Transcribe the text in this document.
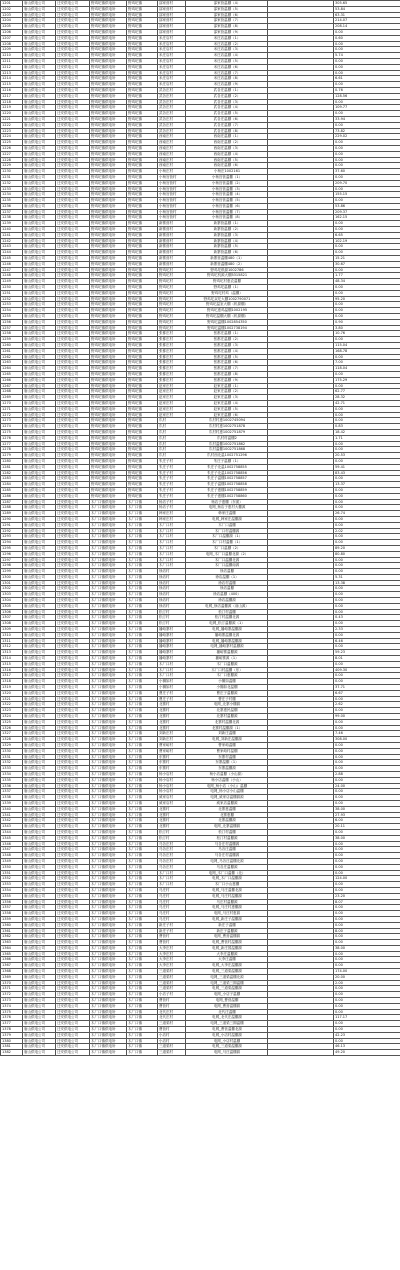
1201	唐山供电公司	迁安供电公司	野鸡坨镇供电所	野鸡坨镇	邵家营村	邵家营温棚（4）	305.65
1202	唐山供电公司	迁安供电公司	野鸡坨镇供电所	野鸡坨镇	邵家营村	邵家营温棚（5）	53.84
1203	唐山供电公司	迁安供电公司	野鸡坨镇供电所	野鸡坨镇	邵家营村	邵家营温棚（6）	63.31
1204	唐山供电公司	迁安供电公司	野鸡坨镇供电所	野鸡坨镇	邵家营村	邵家营温棚（7）	214.07
1205	唐山供电公司	迁安供电公司	野鸡坨镇供电所	野鸡坨镇	邵家营村	邵家营温棚（8）	208.14
1206	唐山供电公司	迁安供电公司	野鸡坨镇供电所	野鸡坨镇	邵家营村	邵家营温棚（9）	0.00
1207	唐山供电公司	迁安供电公司	野鸡坨镇供电所	野鸡坨镇	米庄店村	米庄店温棚（1）	0.60
1208	唐山供电公司	迁安供电公司	野鸡坨镇供电所	野鸡坨镇	米庄店村	米庄店温棚（2）	0.00
1209	唐山供电公司	迁安供电公司	野鸡坨镇供电所	野鸡坨镇	米庄店村	米庄店温棚（3）	0.00
1210	唐山供电公司	迁安供电公司	野鸡坨镇供电所	野鸡坨镇	米庄店村	米庄店温棚（4）	5.74
1211	唐山供电公司	迁安供电公司	野鸡坨镇供电所	野鸡坨镇	米庄店村	米庄店温棚（5）	0.00
1212	唐山供电公司	迁安供电公司	野鸡坨镇供电所	野鸡坨镇	米庄店村	米庄店温棚（6）	0.00
1213	唐山供电公司	迁安供电公司	野鸡坨镇供电所	野鸡坨镇	米庄店村	米庄店温棚（7）	0.00
1214	唐山供电公司	迁安供电公司	野鸡坨镇供电所	野鸡坨镇	米庄店村	米庄店温棚（8）	6.61
1215	唐山供电公司	迁安供电公司	野鸡坨镇供电所	野鸡坨镇	米庄店村	米庄店温棚（9）	0.00
1216	唐山供电公司	迁安供电公司	野鸡坨镇供电所	野鸡坨镇	武各庄村	武各庄温棚（1）	0.76
1217	唐山供电公司	迁安供电公司	野鸡坨镇供电所	野鸡坨镇	武各庄村	武各庄温棚（2）	128.56
1218	唐山供电公司	迁安供电公司	野鸡坨镇供电所	野鸡坨镇	武各庄村	武各庄温棚（3）	0.00
1219	唐山供电公司	迁安供电公司	野鸡坨镇供电所	野鸡坨镇	武各庄村	武各庄温棚（4）	109.77
1220	唐山供电公司	迁安供电公司	野鸡坨镇供电所	野鸡坨镇	武各庄村	武各庄温棚（5）	0.00
1221	唐山供电公司	迁安供电公司	野鸡坨镇供电所	野鸡坨镇	武各庄村	武各庄温棚（6）	33.94
1222	唐山供电公司	迁安供电公司	野鸡坨镇供电所	野鸡坨镇	武各庄村	武各庄温棚（7）	0.00
1223	唐山供电公司	迁安供电公司	野鸡坨镇供电所	野鸡坨镇	武各庄村	武各庄温棚（8）	73.82
1224	唐山供电公司	迁安供电公司	野鸡坨镇供电所	野鸡坨镇	西南庄村	西南庄温棚（1）	229.02
1225	唐山供电公司	迁安供电公司	野鸡坨镇供电所	野鸡坨镇	西南庄村	西南庄温棚（2）	0.00
1226	唐山供电公司	迁安供电公司	野鸡坨镇供电所	野鸡坨镇	西南庄村	西南庄温棚（3）	0.00
1227	唐山供电公司	迁安供电公司	野鸡坨镇供电所	野鸡坨镇	西南庄村	西南庄温棚（4）	0.00
1228	唐山供电公司	迁安供电公司	野鸡坨镇供电所	野鸡坨镇	西南庄村	西南庄温棚（5）	0.00
1229	唐山供电公司	迁安供电公司	野鸡坨镇供电所	野鸡坨镇	西南庄村	西南庄温棚（6）	0.00
1230	唐山供电公司	迁安供电公司	野鸡坨镇供电所	野鸡坨镇	小杨庄村	小杨庄1002161	37.60
1231	唐山供电公司	迁安供电公司	野鸡坨镇供电所	野鸡坨镇	小杨官营村	小杨官营温棚（1）	0.00
1232	唐山供电公司	迁安供电公司	野鸡坨镇供电所	野鸡坨镇	小杨官营村	小杨官营温棚（2）	209.70
1233	唐山供电公司	迁安供电公司	野鸡坨镇供电所	野鸡坨镇	小杨官营村	小杨官营温棚（3）	0.00
1234	唐山供电公司	迁安供电公司	野鸡坨镇供电所	野鸡坨镇	小杨官营村	小杨官营温棚（4）	155.15
1235	唐山供电公司	迁安供电公司	野鸡坨镇供电所	野鸡坨镇	小杨官营村	小杨官营温棚（5）	0.00
1236	唐山供电公司	迁安供电公司	野鸡坨镇供电所	野鸡坨镇	小杨官营村	小杨官营温棚（6）	53.86
1237	唐山供电公司	迁安供电公司	野鸡坨镇供电所	野鸡坨镇	小杨官营村	小杨官营温棚（7）	209.37
1238	唐山供电公司	迁安供电公司	野鸡坨镇供电所	野鸡坨镇	小杨官营村	小杨官营温棚（8）	162.15
1239	唐山供电公司	迁安供电公司	野鸡坨镇供电所	野鸡坨镇	新寨营村	新寨营温棚（1）	0.00
1240	唐山供电公司	迁安供电公司	野鸡坨镇供电所	野鸡坨镇	新寨营村	新寨营温棚（2）	0.00
1241	唐山供电公司	迁安供电公司	野鸡坨镇供电所	野鸡坨镇	新寨营村	新寨营温棚（3）	6.65
1242	唐山供电公司	迁安供电公司	野鸡坨镇供电所	野鸡坨镇	新寨营村	新寨营温棚（4）	102.19
1243	唐山供电公司	迁安供电公司	野鸡坨镇供电所	野鸡坨镇	新寨营村	新寨营温棚（5）	0.00
1244	唐山供电公司	迁安供电公司	野鸡坨镇供电所	野鸡坨镇	新寨营村	新寨营温棚（6）	0.00
1245	唐山供电公司	迁安供电公司	野鸡坨镇供电所	野鸡坨镇	新寨营村	新寨营温棚480（1）	15.21
1246	唐山供电公司	迁安供电公司	野鸡坨镇供电所	野鸡坨镇	新寨营村	新寨营温棚480（2）	30.67
1247	唐山供电公司	迁安供电公司	野鸡坨镇供电所	野鸡坨镇	野鸡坨村	野鸡坨纸源1002786	0.00
1248	唐山供电公司	迁安供电公司	野鸡坨镇供电所	野鸡坨镇	野鸡坨村	野鸡坨机源大棚5315821	1.77
1249	唐山供电公司	迁安供电公司	野鸡坨镇供电所	野鸡坨镇	野鸡坨村	野鸡坨村惠农温棚	48.34
1250	唐山供电公司	迁安供电公司	野鸡坨镇供电所	野鸡坨镇	野鸡坨村	野鸡坨温棚（1）	0.00
1251	唐山供电公司	迁安供电公司	野鸡坨镇供电所	野鸡坨镇	野鸡坨村	野鸡坨村鸡（温棚）	0.00
1252	唐山供电公司	迁安供电公司	野鸡坨镇供电所	野鸡坨镇	野鸡坨村	野鸡坨双坨大棚1002790071	95.20
1253	唐山供电公司	迁安供电公司	野鸡坨镇供电所	野鸡坨镇	野鸡坨村	野鸡坨温室大棚（机源棚）	0.00
1254	唐山供电公司	迁安供电公司	野鸡坨镇供电所	野鸡坨镇	野鸡坨村	野鸡坨惠鸡温棚1002195	0.00
1255	唐山供电公司	迁安供电公司	野鸡坨镇供电所	野鸡坨镇	野鸡坨村	野鸡坨温棚大棚（机源棚）	0.00
1256	唐山供电公司	迁安供电公司	野鸡坨镇供电所	野鸡坨镇	野鸡坨村	野鸡坨温棚1002854350	0.90
1257	唐山供电公司	迁安供电公司	野鸡坨镇供电所	野鸡坨镇	野鸡坨村	野鸡坨温棚1002738194	3.80
1258	唐山供电公司	迁安供电公司	野鸡坨镇供电所	野鸡坨镇	张都庄村	张都庄温棚（1）	10.76
1259	唐山供电公司	迁安供电公司	野鸡坨镇供电所	野鸡坨镇	张都庄村	张都庄温棚（2）	0.00
1260	唐山供电公司	迁安供电公司	野鸡坨镇供电所	野鸡坨镇	张都庄村	张都庄温棚（3）	115.04
1261	唐山供电公司	迁安供电公司	野鸡坨镇供电所	野鸡坨镇	张都庄村	张都庄温棚（4）	168.78
1262	唐山供电公司	迁安供电公司	野鸡坨镇供电所	野鸡坨镇	张都庄村	张都庄温棚（5）	0.00
1263	唐山供电公司	迁安供电公司	野鸡坨镇供电所	野鸡坨镇	张都庄村	张都庄温棚（6）	7.00
1264	唐山供电公司	迁安供电公司	野鸡坨镇供电所	野鸡坨镇	张都庄村	张都庄温棚（7）	118.04
1265	唐山供电公司	迁安供电公司	野鸡坨镇供电所	野鸡坨镇	张都庄村	张都庄温棚（8）	0.00
1266	唐山供电公司	迁安供电公司	野鸡坨镇供电所	野鸡坨镇	张都庄村	张都庄温棚（9）	175.29
1267	唐山供电公司	迁安供电公司	野鸡坨镇供电所	野鸡坨镇	赵家庄村	赵家庄温棚（1）	0.00
1268	唐山供电公司	迁安供电公司	野鸡坨镇供电所	野鸡坨镇	赵家庄村	赵家庄温棚（2）	62.77
1269	唐山供电公司	迁安供电公司	野鸡坨镇供电所	野鸡坨镇	赵家庄村	赵家庄温棚（3）	28.32
1270	唐山供电公司	迁安供电公司	野鸡坨镇供电所	野鸡坨镇	赵家庄村	赵家庄温棚（4）	42.71
1271	唐山供电公司	迁安供电公司	野鸡坨镇供电所	野鸡坨镇	赵家庄村	赵家庄温棚（5）	0.00
1272	唐山供电公司	迁安供电公司	野鸡坨镇供电所	野鸡坨镇	赵家庄村	赵家庄温棚（6）	0.00
1273	唐山供电公司	迁安供电公司	野鸡坨镇供电所	野鸡坨镇	爪村	爪村村惠1002745094	0.00
1274	唐山供电公司	迁安供电公司	野鸡坨镇供电所	野鸡坨镇	爪村	爪村村惠1002751878	0.83
1275	唐山供电公司	迁安供电公司	野鸡坨镇供电所	野鸡坨镇	爪村	爪村村惠1002751879	18.42
1276	唐山供电公司	迁安供电公司	野鸡坨镇供电所	野鸡坨镇	爪村	爪村村温棚2	1.71
1277	唐山供电公司	迁安供电公司	野鸡坨镇供电所	野鸡坨镇	爪村	爪村温棚1002751862	0.00
1278	唐山供电公司	迁安供电公司	野鸡坨镇供电所	野鸡坨镇	爪村	爪村温棚1002751868	0.00
1279	唐山供电公司	迁安供电公司	野鸡坨镇供电所	野鸡坨镇	爪村	爪村西北温1002751296	20.53
1280	唐山供电公司	迁安供电公司	野鸡坨镇供电所	野鸡坨镇	朱庄子村	朱庄子温棚（1）	0.00
1281	唐山供电公司	迁安供电公司	野鸡坨镇供电所	野鸡坨镇	朱庄子村	朱庄子北温1002758855	59.41
1282	唐山供电公司	迁安供电公司	野鸡坨镇供电所	野鸡坨镇	朱庄子村	朱庄子北温1002758856	83.43
1283	唐山供电公司	迁安供电公司	野鸡坨镇供电所	野鸡坨镇	朱庄子村	朱庄子温棚1002758857	0.00
1284	唐山供电公司	迁安供电公司	野鸡坨镇供电所	野鸡坨镇	朱庄子村	朱庄子温棚1002758858	13.37
1285	唐山供电公司	迁安供电公司	野鸡坨镇供电所	野鸡坨镇	朱庄子村	朱庄子惠棚1002758859	0.00
1286	唐山供电公司	迁安供电公司	野鸡坨镇供电所	野鸡坨镇	朱庄子村	朱庄子惠棚1002758860	0.00
1287	唐山供电公司	迁安供电公司	木厂口镇供电所	木厂口镇	杨店子村	杨店子惠棚（东面）	0.00
1288	唐山供电公司	迁安供电公司	木厂口镇供电所	木厂口镇	杨店子村	电网_杨店子惠村大棚源	0.00
1289	唐山供电公司	迁安供电公司	木厂口镇供电所	木厂口镇	韩家庄村	韩家庄温棚	26.74
1290	唐山供电公司	迁安供电公司	木厂口镇供电所	木厂口镇	韩家庄村	电网_韩家庄温棚源	0.00
1291	唐山供电公司	迁安供电公司	木厂口镇供电所	木厂口镇	木厂口村	木厂口温棚	0.00
1292	唐山供电公司	迁安供电公司	木厂口镇供电所	木厂口镇	木厂口村	木厂口村温棚源	2.02
1293	唐山供电公司	迁安供电公司	木厂口镇供电所	木厂口镇	木厂口村	木厂口温棚源（1）	0.00
1294	唐山供电公司	迁安供电公司	木厂口镇供电所	木厂口镇	木厂口村	木厂口村温棚（1）	0.00
1295	唐山供电公司	迁安供电公司	木厂口镇供电所	木厂口镇	木厂口村	木厂口温棚（2）	89.20
1296	唐山供电公司	迁安供电公司	木厂口镇供电所	木厂口镇	木厂口村	电网_木厂口温棚北源（2）	80.80
1297	唐山供电公司	迁安供电公司	木厂口镇供电所	木厂口镇	木厂口村	木厂口温棚北源	0.00
1298	唐山供电公司	迁安供电公司	木厂口镇供电所	木厂口镇	木厂口村	木厂口温棚南源	0.00
1299	唐山供电公司	迁安供电公司	木厂口镇供电所	木厂口镇	徐店村	徐店温棚	0.00
1300	唐山供电公司	迁安供电公司	木厂口镇供电所	木厂口镇	徐店村	徐店温棚（1）	5.31
1301	唐山供电公司	迁安供电公司	木厂口镇供电所	木厂口镇	徐店村	徐店村温棚	13.38
1302	唐山供电公司	迁安供电公司	木厂口镇供电所	木厂口镇	徐店村	徐店温棚	0.00
1303	唐山供电公司	迁安供电公司	木厂口镇供电所	木厂口镇	徐店村	徐店温棚（400）	0.00
1304	唐山供电公司	迁安供电公司	木厂口镇供电所	木厂口镇	徐店村	徐店温棚源	0.00
1305	唐山供电公司	迁安供电公司	木厂口镇供电所	木厂口镇	徐店村	电网_徐店温棚源（前山源）	0.00
1306	唐山供电公司	迁安供电公司	木厂口镇供电所	木厂口镇	松汀村	松汀村温棚	0.00
1307	唐山供电公司	迁安供电公司	木厂口镇供电所	木厂口镇	松汀村	松汀村温棚北源	0.43
1308	唐山供电公司	迁安供电公司	木厂口镇供电所	木厂口镇	松汀村	电网_松汀温棚源（1）	0.00
1309	唐山供电公司	迁安供电公司	木厂口镇供电所	木厂口镇	播峪寨村	电网_播峪寨温棚源	2.33
1310	唐山供电公司	迁安供电公司	木厂口镇供电所	木厂口镇	播峪寨村	播峪寨温棚北源	0.00
1311	唐山供电公司	迁安供电公司	木厂口镇供电所	木厂口镇	播峪寨村	电网_播峪寨温棚源	6.46
1312	唐山供电公司	迁安供电公司	木厂口镇供电所	木厂口镇	播峪寨村	电网_播峪寨村温棚源	0.00
1313	唐山供电公司	迁安供电公司	木厂口镇供电所	木厂口镇	播峪寨村	播峪寨温棚源	59.23
1314	唐山供电公司	迁安供电公司	木厂口镇供电所	木厂口镇	播峪寨村	播峪寨源（1）	8.01
1315	唐山供电公司	迁安供电公司	木厂口镇供电所	木厂口镇	木厂口村	木厂口温棚源	0.00
1316	唐山供电公司	迁安供电公司	木厂口镇供电所	木厂口镇	木厂口村	木厂口村温棚（东）	409.30
1317	唐山供电公司	迁安供电公司	木厂口镇供电所	木厂口镇	木厂口村	木厂口惠棚源	0.00
1318	唐山供电公司	迁安供电公司	木厂口镇供电所	木厂口镇	小狮如村	小狮如温棚	0.00
1319	唐山供电公司	迁安供电公司	木厂口镇供电所	木厂口镇	小狮如村	小狮如北温棚	37.71
1320	唐山供电公司	迁安供电公司	木厂口镇供电所	木厂口镇	曹庄子村	曹庄子温棚源	6.67
1321	唐山供电公司	迁安供电公司	木厂口镇供电所	木厂口镇	曹庄子村	曹庄子村棚	0.00
1322	唐山供电公司	迁安供电公司	木厂口镇供电所	木厂口镇	北寨村	电网_北寨小棚源	2.62
1323	唐山供电公司	迁安供电公司	木厂口镇供电所	木厂口镇	北寨村	北寨惠民温棚	0.00
1324	唐山供电公司	迁安供电公司	木厂口镇供电所	木厂口镇	北寨村	北寨村温棚源	99.00
1325	唐山供电公司	迁安供电公司	木厂口镇供电所	木厂口镇	北寨村	北寨村温棚北源	0.00
1326	唐山供电公司	迁安供电公司	木厂口镇供电所	木厂口镇	北寨村	北寨村温棚源（1）	0.00
1327	唐山供电公司	迁安供电公司	木厂口镇供电所	木厂口镇	刘新庄村	刘新庄温棚	7.46
1328	唐山供电公司	迁安供电公司	木厂口镇供电所	木厂口镇	刘新庄村	电网_刘新庄温棚源	308.00
1329	唐山供电公司	迁安供电公司	木厂口镇供电所	木厂口镇	曹家峪村	曹家峪温棚	0.00
1330	唐山供电公司	迁安供电公司	木厂口镇供电所	木厂口镇	曹家峪村	曹家峪村温棚	0.00
1331	唐山供电公司	迁安供电公司	木厂口镇供电所	木厂口镇	东寨村	东寨村温棚	0.00
1332	唐山供电公司	迁安供电公司	木厂口镇供电所	木厂口镇	东寨村	东寨温棚（1）	0.00
1333	唐山供电公司	迁安供电公司	木厂口镇供电所	木厂口镇	东寨村	东寨温棚源	0.00
1334	唐山供电公司	迁安供电公司	木厂口镇供电所	木厂口镇	杨小店村	杨小店温棚（小山源）	2.88
1335	唐山供电公司	迁安供电公司	木厂口镇供电所	木厂口镇	杨小店村	杨小店温棚（小山）	0.00
1336	唐山供电公司	迁安供电公司	木厂口镇供电所	木厂口镇	杨小店村	电网_杨小店（小山）温棚	24.00
1337	唐山供电公司	迁安供电公司	木厂口镇供电所	木厂口镇	杨小店村	电网_杨小店小山温棚	0.00
1338	唐山供电公司	迁安供电公司	木厂口镇供电所	木厂口镇	威家店村	电网_威家店温棚源源	0.00
1339	唐山供电公司	迁安供电公司	木厂口镇供电所	木厂口镇	威家店村	威家店温棚源	0.00
1340	唐山供电公司	迁安供电公司	木厂口镇供电所	木厂口镇	北寨村	北寨惠温棚	38.00
1341	唐山供电公司	迁安供电公司	木厂口镇供电所	木厂口镇	北寨村	北寨惠棚	27.93
1342	唐山供电公司	迁安供电公司	木厂口镇供电所	木厂口镇	北寨村	北寨温棚源	6.00
1343	唐山供电公司	迁安供电公司	木厂口镇供电所	木厂口镇	北寨村	电网_北寨温棚源	20.11
1344	唐山供电公司	迁安供电公司	木厂口镇供电所	木厂口镇	松汀村	松汀村温棚	0.00
1345	唐山供电公司	迁安供电公司	木厂口镇供电所	木厂口镇	松汀村	松汀村温棚源	38.00
1346	唐山供电公司	迁安供电公司	木厂口镇供电所	木厂口镇	马各庄村	马各庄村温棚源	0.00
1347	唐山供电公司	迁安供电公司	木厂口镇供电所	木厂口镇	马各庄村	马各庄温棚	0.00
1348	唐山供电公司	迁安供电公司	木厂口镇供电所	木厂口镇	马各庄村	马各庄村温棚源	0.00
1349	唐山供电公司	迁安供电公司	木厂口镇供电所	木厂口镇	马各庄村	电网_马各庄温棚北源	0.00
1350	唐山供电公司	迁安供电公司	木厂口镇供电所	木厂口镇	马各庄村	马各庄温棚源	0.00
1351	唐山供电公司	迁安供电公司	木厂口镇供电所	木厂口镇	木厂口村	电网_木厂口温棚（北）	0.00
1352	唐山供电公司	迁安供电公司	木厂口镇供电所	木厂口镇	木厂口村	电网_木厂口温棚源	124.00
1353	唐山供电公司	迁安供电公司	木厂口镇供电所	木厂口镇	木厂口村	木厂口小山惠棚	0.00
1354	唐山供电公司	迁安供电公司	木厂口镇供电所	木厂口镇	马庄村	电网_马庄温棚北源	0.00
1355	唐山供电公司	迁安供电公司	木厂口镇供电所	木厂口镇	马庄村	电网_马庄村温棚源	23.20
1356	唐山供电公司	迁安供电公司	木厂口镇供电所	木厂口镇	马庄村	马庄村温棚源	8.07
1357	唐山供电公司	迁安供电公司	木厂口镇供电所	木厂口镇	马庄村	电网_马庄村惠棚源	0.00
1358	唐山供电公司	迁安供电公司	木厂口镇供电所	木厂口镇	马庄村	电网_马庄村惠源	0.00
1359	唐山供电公司	迁安供电公司	木厂口镇供电所	木厂口镇	马庄村	电网_新庄子温棚源	0.00
1360	唐山供电公司	迁安供电公司	木厂口镇供电所	木厂口镇	新庄子村	新庄子温棚	0.00
1361	唐山供电公司	迁安供电公司	木厂口镇供电所	木厂口镇	新庄子村	新庄子温棚源	8.00
1362	唐山供电公司	迁安供电公司	木厂口镇供电所	木厂口镇	曹营村	电网_曹营温棚源	0.00
1363	唐山供电公司	迁安供电公司	木厂口镇供电所	木厂口镇	曹营村	电网_曹营村温棚源	0.00
1364	唐山供电公司	迁安供电公司	木厂口镇供电所	木厂口镇	大李庄村	电网_新庄园温棚源	38.00
1365	唐山供电公司	迁安供电公司	木厂口镇供电所	木厂口镇	大李庄村	大李庄温棚源	0.00
1366	唐山供电公司	迁安供电公司	木厂口镇供电所	木厂口镇	大李庄村	大李庄温棚	0.00
1367	唐山供电公司	迁安供电公司	木厂口镇供电所	木厂口镇	大李庄村	电网_大李庄温棚源	0.00
1368	唐山供电公司	迁安供电公司	木厂口镇供电所	木厂口镇	三道梁村	电网_三道梁温棚源	174.00
1369	唐山供电公司	迁安供电公司	木厂口镇供电所	木厂口镇	三道梁村	电网_三道梁温棚北源	20.00
1370	唐山供电公司	迁安供电公司	木厂口镇供电所	木厂口镇	三道梁村	电网_三道梁三期温棚	2.00
1371	唐山供电公司	迁安供电公司	木厂口镇供电所	木厂口镇	三道梁村	电网_三道梁温棚源	0.00
1372	唐山供电公司	迁安供电公司	木厂口镇供电所	木厂口镇	小店子村	电网_小店子温棚	0.00
1373	唐山供电公司	迁安供电公司	木厂口镇供电所	木厂口镇	曹营村	电网_曹营温棚	0.00
1374	唐山供电公司	迁安供电公司	木厂口镇供电所	木厂口镇	曹营村	电网_曹营温棚源	0.00
1375	唐山供电公司	迁安供电公司	木厂口镇供电所	木厂口镇	北代庄村	北代庄温棚	0.00
1376	唐山供电公司	迁安供电公司	木厂口镇供电所	木厂口镇	北代庄村	电网_北代庄温棚源	117.17
1377	唐山供电公司	迁安供电公司	木厂口镇供电所	木厂口镇	三道梁村	电网_三道梁三期温棚	0.00
1378	唐山供电公司	迁安供电公司	木厂口镇供电所	木厂口镇	曹营村	电网_曹营温棚北源	0.00
1379	唐山供电公司	迁安供电公司	木厂口镇供电所	木厂口镇	小店村	电网_小店村温棚源	42.23
1380	唐山供电公司	迁安供电公司	木厂口镇供电所	木厂口镇	小店村	电网_小店村温棚	0.00
1381	唐山供电公司	迁安供电公司	木厂口镇供电所	木厂口镇	三道梁村	电网_三道梁温棚源	46.13
1382	唐山供电公司	迁安供电公司	木厂口镇供电所	木厂口镇	三道梁村	电网_马庄温棚源	49.20
